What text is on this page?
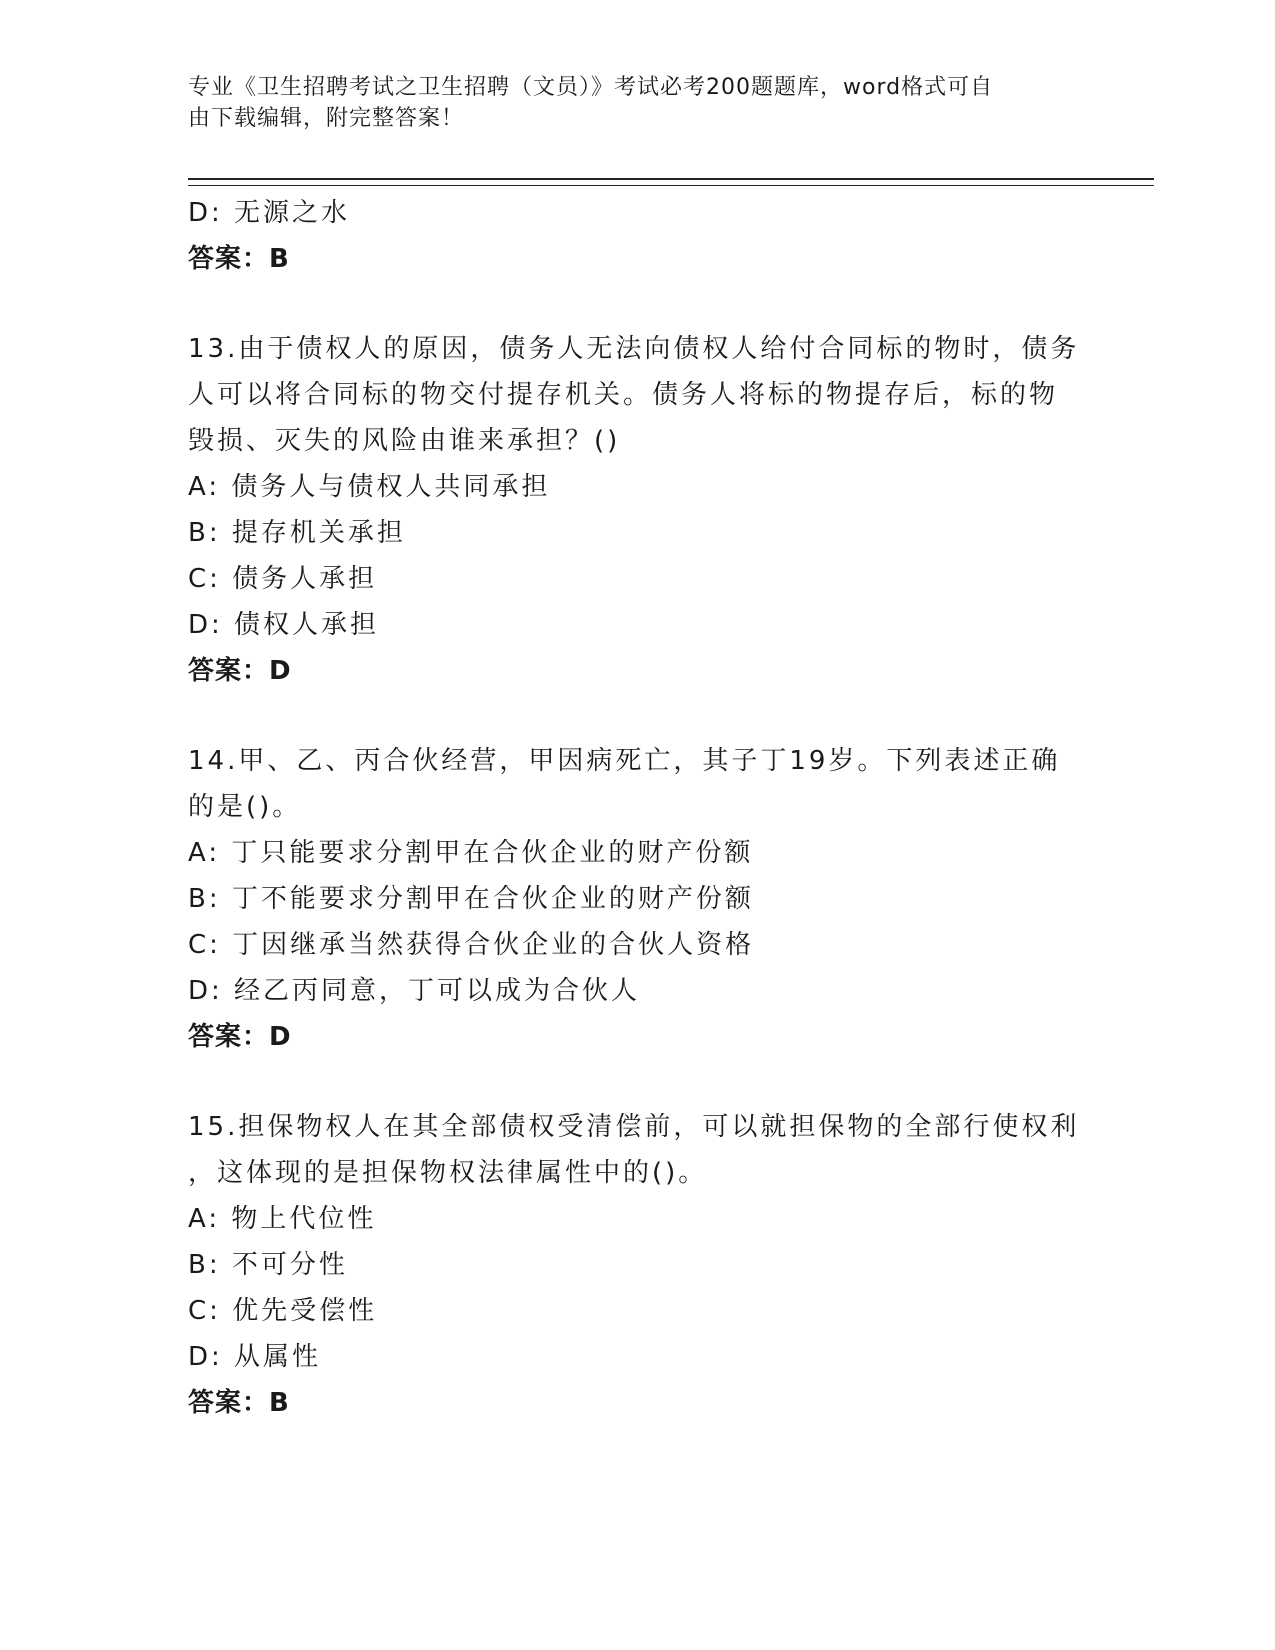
专业《卫生招聘考试之卫生招聘（文员）》考试必考200题题库，word格式可自
由下载编辑，附完整答案！
D: 无源之水
答案：B
13.由于债权人的原因，债务人无法向债权人给付合同标的物时，债务
人可以将合同标的物交付提存机关。债务人将标的物提存后，标的物
毁损、灭失的风险由谁来承担？()
A: 债务人与债权人共同承担
B: 提存机关承担
C: 债务人承担
D: 债权人承担
答案：D
14.甲、乙、丙合伙经营，甲因病死亡，其子丁19岁。下列表述正确
的是()。
A: 丁只能要求分割甲在合伙企业的财产份额
B: 丁不能要求分割甲在合伙企业的财产份额
C: 丁因继承当然获得合伙企业的合伙人资格
D: 经乙丙同意，丁可以成为合伙人
答案：D
15.担保物权人在其全部债权受清偿前，可以就担保物的全部行使权利
，这体现的是担保物权法律属性中的()。
A: 物上代位性
B: 不可分性
C: 优先受偿性
D: 从属性
答案：B
